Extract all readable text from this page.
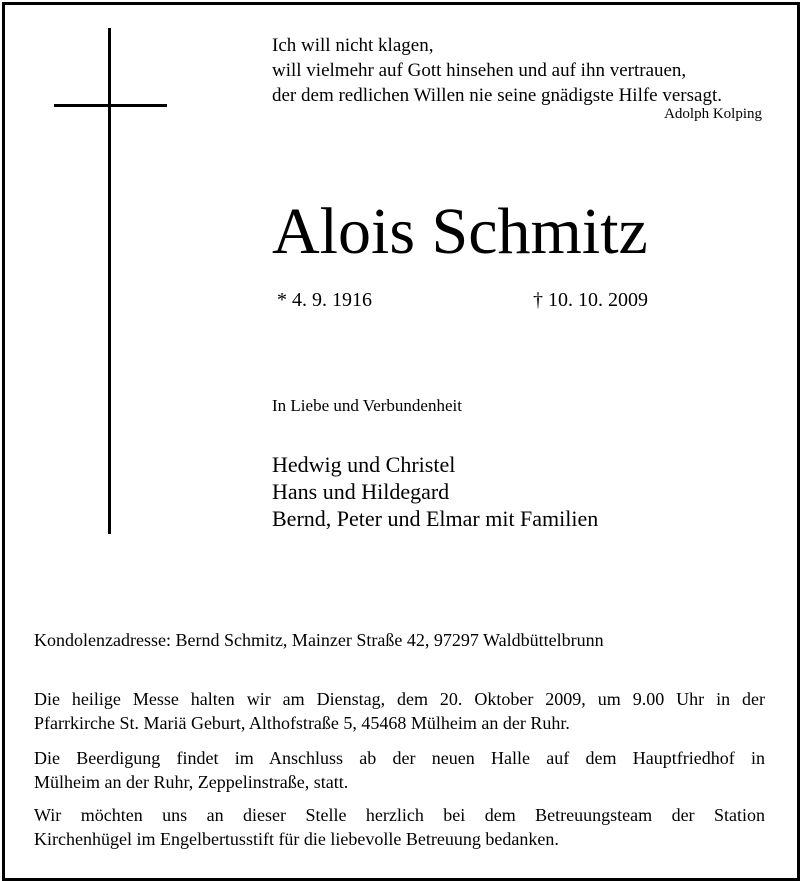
Ich will nicht klagen,
will vielmehr auf Gott hinsehen und auf ihn vertrauen,
der dem redlichen Willen nie seine gnädigste Hilfe versagt.
Adolph Kolping
Alois Schmitz
* 4. 9. 1916	† 10. 10. 2009
In Liebe und Verbundenheit
Hedwig und Christel
Hans und Hildegard
Bernd, Peter und Elmar mit Familien
Kondolenzadresse: Bernd Schmitz, Mainzer Straße 42, 97297 Waldbüttelbrunn
Die heilige Messe halten wir am Dienstag, dem 20. Oktober 2009, um 9.00 Uhr in der
Pfarrkirche St. Mariä Geburt, Althofstraße 5, 45468 Mülheim an der Ruhr.
Die Beerdigung findet im Anschluss ab der neuen Halle auf dem Hauptfriedhof in
Mülheim an der Ruhr, Zeppelinstraße, statt.
Wir möchten uns an dieser Stelle herzlich bei dem Betreuungsteam der Station
Kirchenhügel im Engelbertusstift für die liebevolle Betreuung bedanken.
